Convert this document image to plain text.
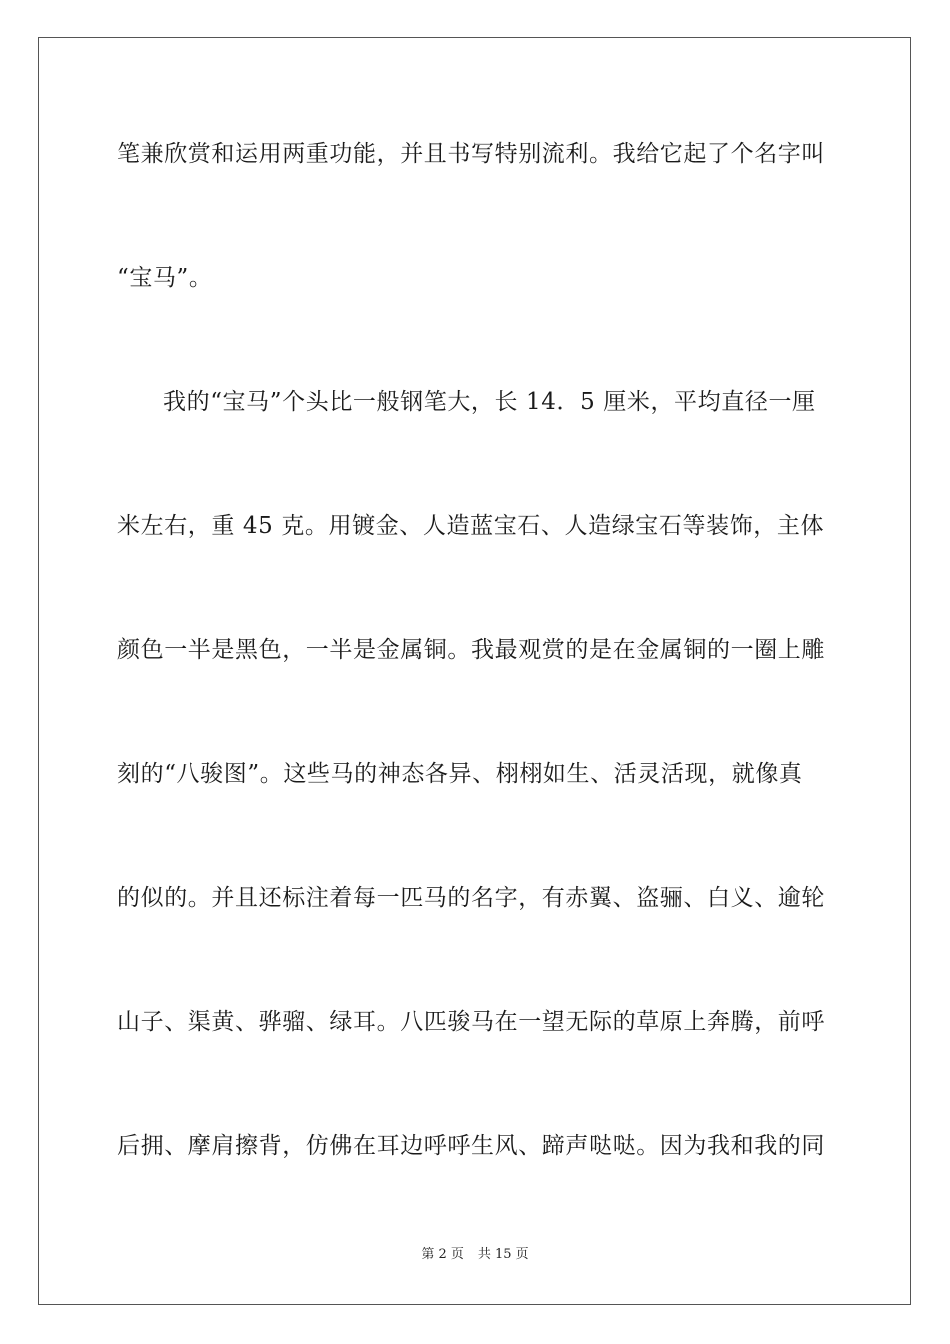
笔兼欣赏和运用两重功能，并且书写特别流利。我给它起了个名字叫
“宝马”。
我的“宝马”个头比一般钢笔大，长 14．5 厘米，平均直径一厘
米左右，重 45 克。用镀金、人造蓝宝石、人造绿宝石等装饰，主体
颜色一半是黑色，一半是金属铜。我最观赏的是在金属铜的一圈上雕
刻的“八骏图”。这些马的神态各异、栩栩如生、活灵活现，就像真
的似的。并且还标注着每一匹马的名字，有赤翼、盗骊、白义、逾轮
山子、渠黄、骅骝、绿耳。八匹骏马在一望无际的草原上奔腾，前呼
后拥、摩肩擦背，仿佛在耳边呼呼生风、蹄声哒哒。因为我和我的同
第 2 页 共 15 页
